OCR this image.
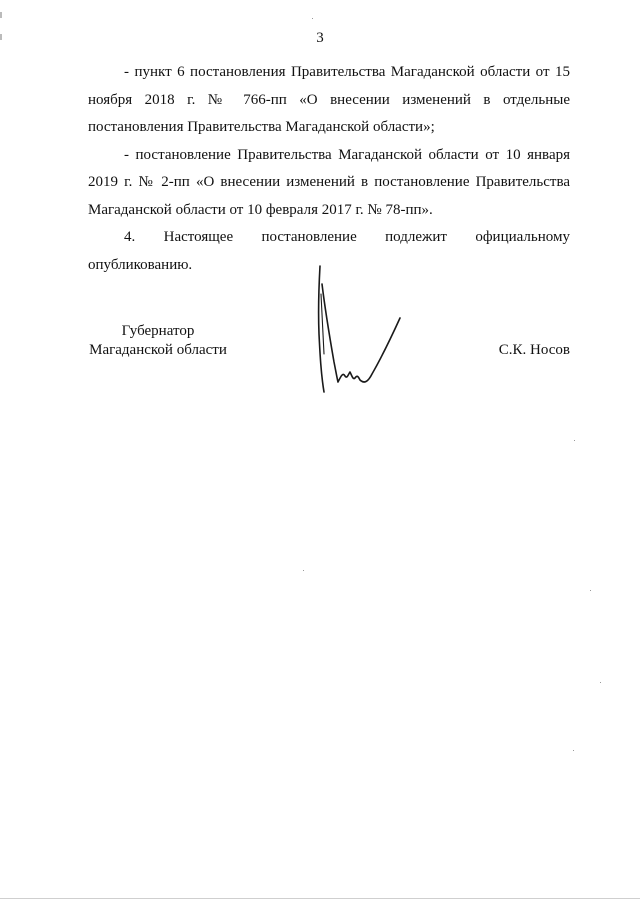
3

- пункт 6 постановления Правительства Магаданской области от 15 ноября 2018 г. № 766-пп «О внесении изменений в отдельные постановления Правительства Магаданской области»;

- постановление Правительства Магаданской области от 10 января 2019 г. № 2-пп «О внесении изменений в постановление Правительства Магаданской области от 10 февраля 2017 г. № 78-пп».

4. Настоящее постановление подлежит официальному опубликованию.

Губернатор
Магаданской области	С.К. Носов
